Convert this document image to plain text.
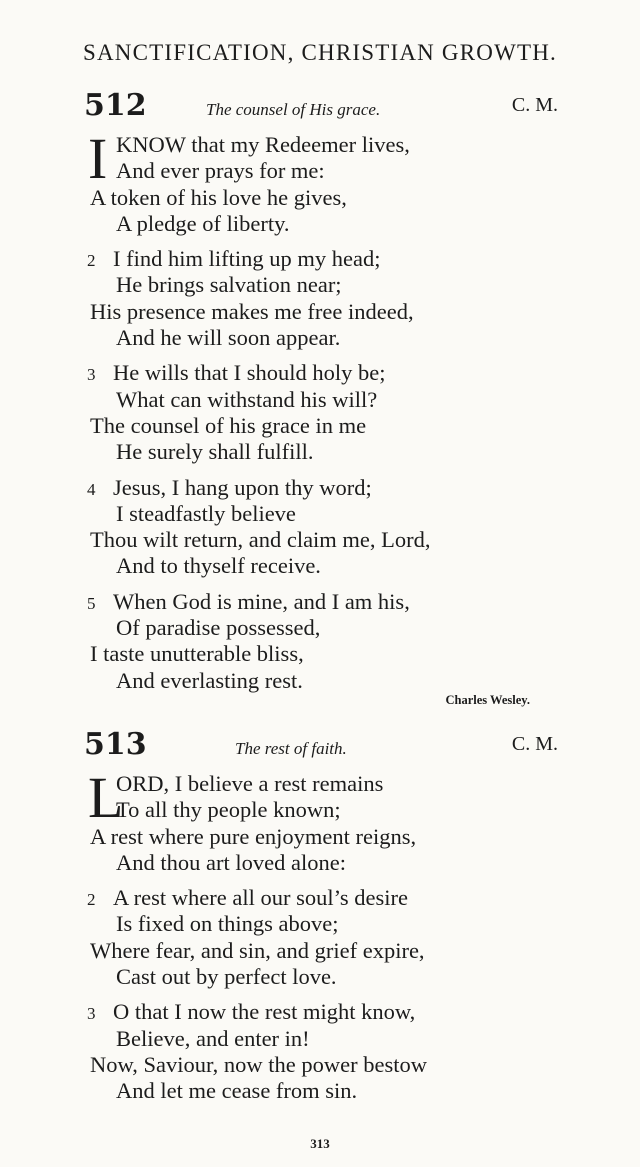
SANCTIFICATION, CHRISTIAN GROWTH.
512	The counsel of His grace.	C. M.
I KNOW that my Redeemer lives,
And ever prays for me:
A token of his love he gives,
A pledge of liberty.
2 I find him lifting up my head;
He brings salvation near;
His presence makes me free indeed,
And he will soon appear.
3 He wills that I should holy be;
What can withstand his will?
The counsel of his grace in me
He surely shall fulfill.
4 Jesus, I hang upon thy word;
I steadfastly believe
Thou wilt return, and claim me, Lord,
And to thyself receive.
5 When God is mine, and I am his,
Of paradise possessed,
I taste unutterable bliss,
And everlasting rest.
Charles Wesley.
513	The rest of faith.	C. M.
L
ORD, I believe a rest remains
To all thy people known;
A rest where pure enjoyment reigns,
And thou art loved alone:
2 A rest where all our soul’s desire
Is fixed on things above;
Where fear, and sin, and grief expire,
Cast out by perfect love.
3 O that I now the rest might know,
Believe, and enter in!
Now, Saviour, now the power bestow
And let me cease from sin.
313
